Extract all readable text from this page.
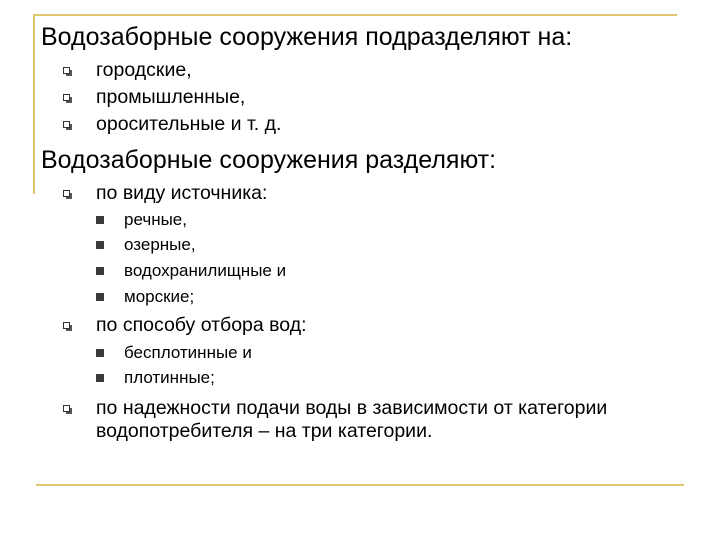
Водозаборные сооружения подразделяют на:
городские,
промышленные,
оросительные и т. д.
Водозаборные сооружения разделяют:
по виду источника:
речные,
озерные,
водохранилищные и
морские;
по способу отбора вод:
бесплотинные и
плотинные;
по надежности подачи воды в зависимости от категории
водопотребителя – на три категории.
